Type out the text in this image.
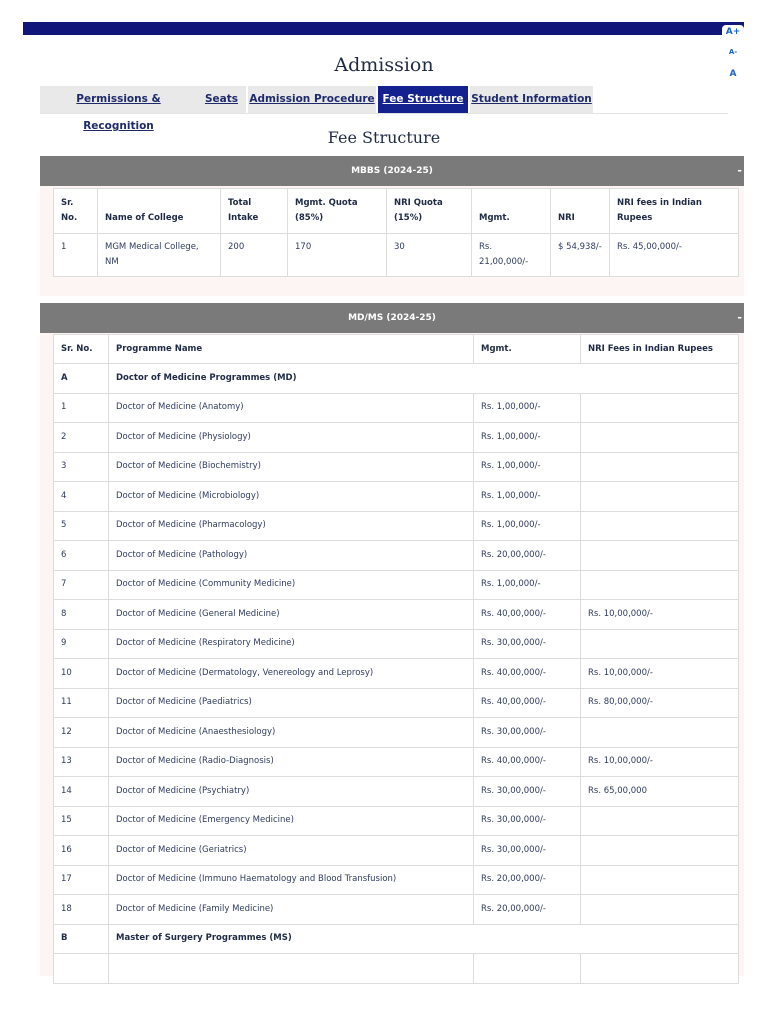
A+
A-
A
Admission
Permissions & Recognition
Seats	Admission Procedure Fee Structure Student Information
Fee Structure
MBBS (2024-25)	-
Sr. No.	Name of College	Total Intake	Mgmt. Quota (85%)	NRI Quota (15%)	Mgmt.	NRI	NRI fees in Indian Rupees
1	MGM Medical College, NM	200	170	30	Rs. 21,00,000/-	$ 54,938/-	Rs. 45,00,000/-
MD/MS (2024-25)	-
Sr. No.	Programme Name	Mgmt.	NRI Fees in Indian Rupees
A	Doctor of Medicine Programmes (MD)		
1	Doctor of Medicine (Anatomy)	Rs. 1,00,000/-	
2	Doctor of Medicine (Physiology)	Rs. 1,00,000/-	
3	Doctor of Medicine (Biochemistry)	Rs. 1,00,000/-	
4	Doctor of Medicine (Microbiology)	Rs. 1,00,000/-	
5	Doctor of Medicine (Pharmacology)	Rs. 1,00,000/-	
6	Doctor of Medicine (Pathology)	Rs. 20,00,000/-	
7	Doctor of Medicine (Community Medicine)	Rs. 1,00,000/-	
8	Doctor of Medicine (General Medicine)	Rs. 40,00,000/-	Rs. 10,00,000/-
9	Doctor of Medicine (Respiratory Medicine)	Rs. 30,00,000/-	
10	Doctor of Medicine (Dermatology, Venereology and Leprosy)	Rs. 40,00,000/-	Rs. 10,00,000/-
11	Doctor of Medicine (Paediatrics)	Rs. 40,00,000/-	Rs. 80,00,000/-
12	Doctor of Medicine (Anaesthesiology)	Rs. 30,00,000/-	
13	Doctor of Medicine (Radio-Diagnosis)	Rs. 40,00,000/-	Rs. 10,00,000/-
14	Doctor of Medicine (Psychiatry)	Rs. 30,00,000/-	Rs. 65,00,000
15	Doctor of Medicine (Emergency Medicine)	Rs. 30,00,000/-	
16	Doctor of Medicine (Geriatrics)	Rs. 30,00,000/-	
17	Doctor of Medicine (Immuno Haematology and Blood Transfusion)	Rs. 20,00,000/-	
18	Doctor of Medicine (Family Medicine)	Rs. 20,00,000/-	
B	Master of Surgery Programmes (MS)		
